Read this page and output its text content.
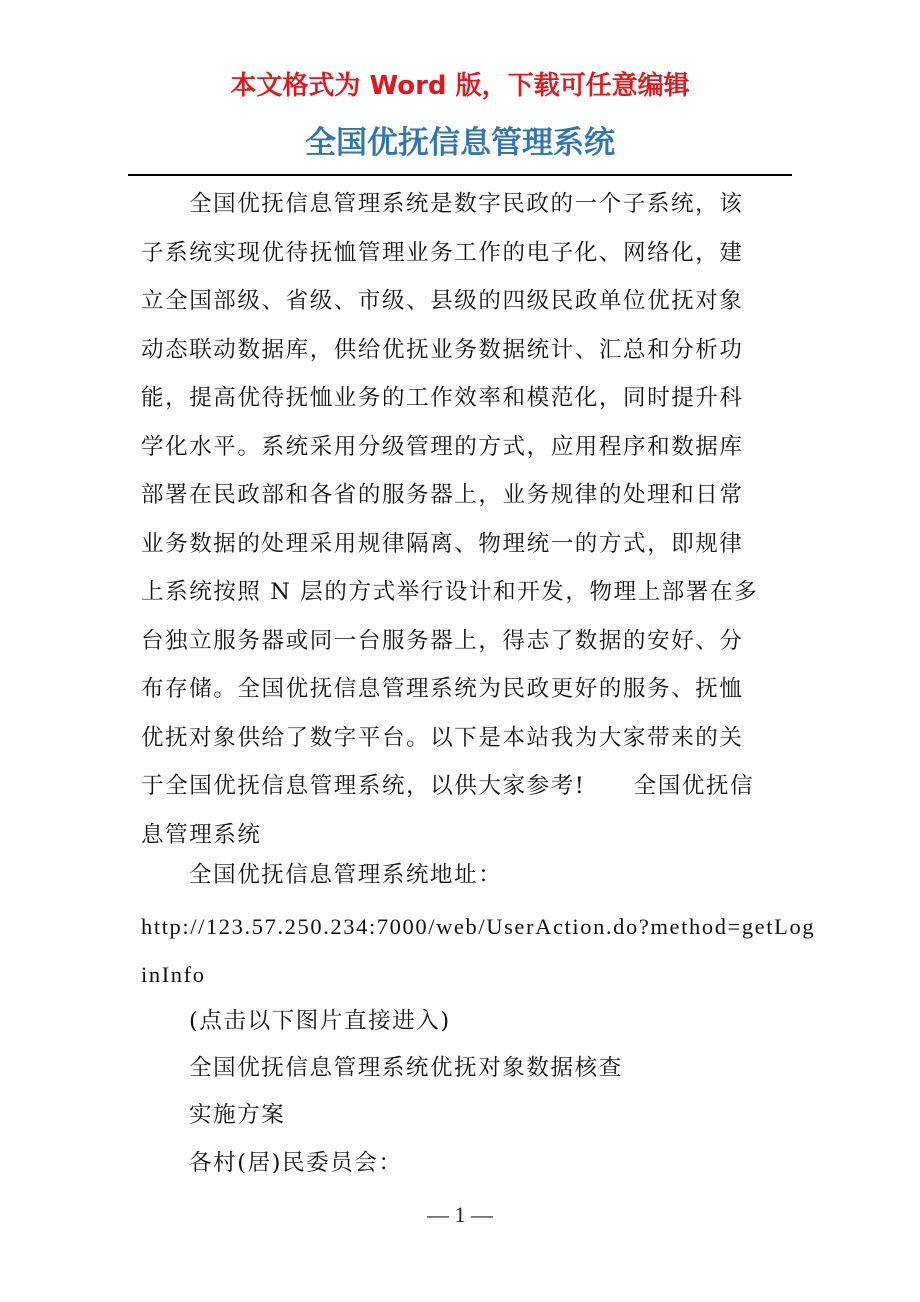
本文格式为 Word 版，下载可任意编辑
全国优抚信息管理系统
全国优抚信息管理系统是数字民政的一个子系统，该
子系统实现优待抚恤管理业务工作的电子化、网络化，建
立全国部级、省级、市级、县级的四级民政单位优抚对象
动态联动数据库，供给优抚业务数据统计、汇总和分析功
能，提高优待抚恤业务的工作效率和模范化，同时提升科
学化水平。系统采用分级管理的方式，应用程序和数据库
部署在民政部和各省的服务器上，业务规律的处理和日常
业务数据的处理采用规律隔离、物理统一的方式，即规律
上系统按照 N 层的方式举行设计和开发，物理上部署在多
台独立服务器或同一台服务器上，得志了数据的安好、分
布存储。全国优抚信息管理系统为民政更好的服务、抚恤
优抚对象供给了数字平台。以下是本站我为大家带来的关
于全国优抚信息管理系统，以供大家参考!　　全国优抚信
息管理系统

全国优抚信息管理系统地址：

http://123.57.250.234:7000/web/UserAction.do?method=getLog

inInfo

(点击以下图片直接进入)

全国优抚信息管理系统优抚对象数据核查

实施方案

各村(居)民委员会：

— 1 —
